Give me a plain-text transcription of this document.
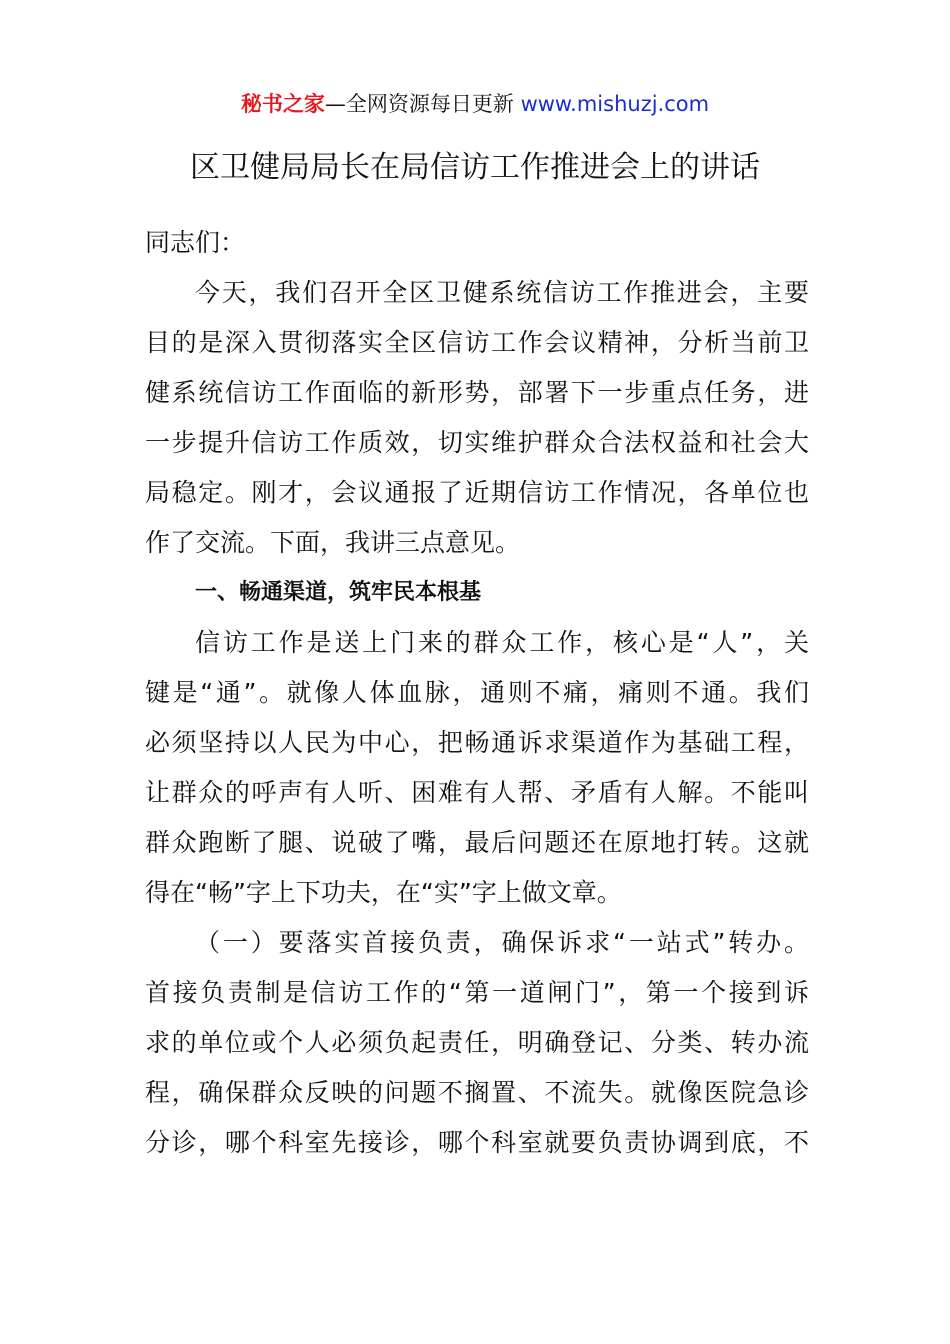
秘书之家—全网资源每日更新 www.mishuzj.com
区卫健局局长在局信访工作推进会上的讲话
同志们：
今天，我们召开全区卫健系统信访工作推进会，主要
目的是深入贯彻落实全区信访工作会议精神，分析当前卫
健系统信访工作面临的新形势，部署下一步重点任务，进
一步提升信访工作质效，切实维护群众合法权益和社会大
局稳定。刚才，会议通报了近期信访工作情况，各单位也
作了交流。下面，我讲三点意见。
一、畅通渠道，筑牢民本根基
信访工作是送上门来的群众工作，核心是“人”，关
键是“通”。就像人体血脉，通则不痛，痛则不通。我们
必须坚持以人民为中心，把畅通诉求渠道作为基础工程，
让群众的呼声有人听、困难有人帮、矛盾有人解。不能叫
群众跑断了腿、说破了嘴，最后问题还在原地打转。这就
得在“畅”字上下功夫，在“实”字上做文章。
（一）要落实首接负责，确保诉求“一站式”转办。
首接负责制是信访工作的“第一道闸门”，第一个接到诉
求的单位或个人必须负起责任，明确登记、分类、转办流
程，确保群众反映的问题不搁置、不流失。就像医院急诊
分诊，哪个科室先接诊，哪个科室就要负责协调到底，不
